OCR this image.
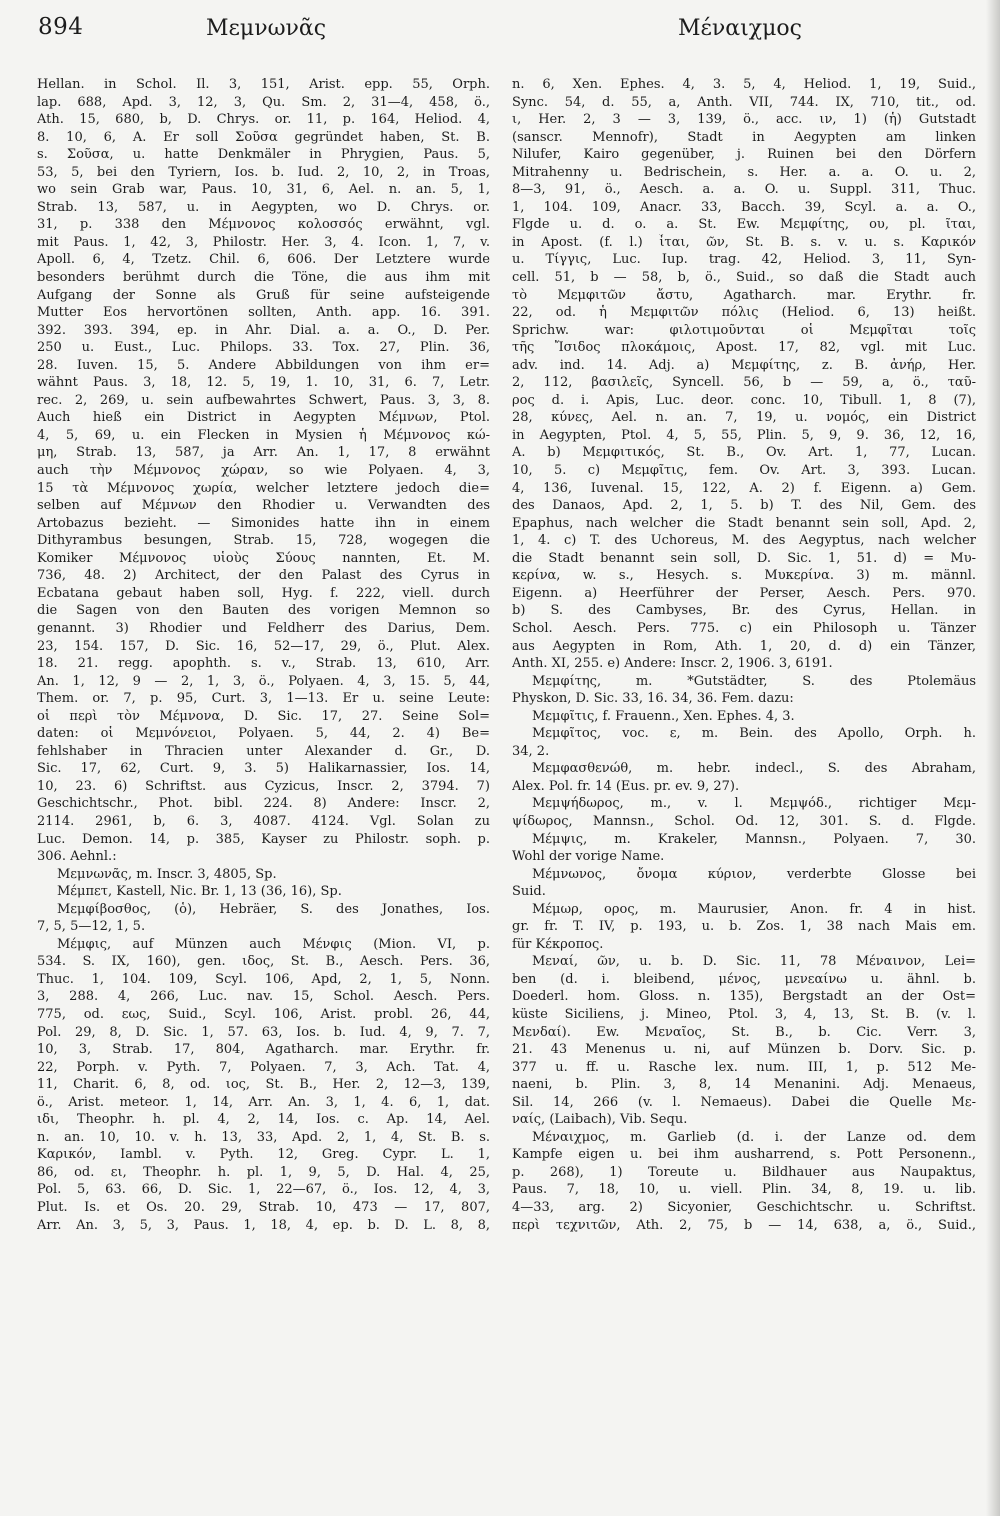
894	Μεμνωνᾶς	Μέναιχμος
Hellan. in Schol. Il. 3, 151, Arist. epp. 55, Orph.
lap. 688, Apd. 3, 12, 3, Qu. Sm. 2, 31—4, 458, ö.,
Ath. 15, 680, b, D. Chrys. or. 11, p. 164, Heliod. 4,
8. 10, 6, A. Er soll Σοῦσα gegründet haben, St. B.
s. Σοῦσα, u. hatte Denkmäler in Phrygien, Paus. 5,
53, 5, bei den Tyriern, Ios. b. Iud. 2, 10, 2, in Troas,
wo sein Grab war, Paus. 10, 31, 6, Ael. n. an. 5, 1,
Strab. 13, 587, u. in Aegypten, wo D. Chrys. or.
31, p. 338 den Μέμνονος κολοσσός erwähnt, vgl.
mit Paus. 1, 42, 3, Philostr. Her. 3, 4. Icon. 1, 7, v.
Apoll. 6, 4, Tzetz. Chil. 6, 606. Der Letztere wurde
besonders berühmt durch die Töne, die aus ihm mit
Aufgang der Sonne als Gruß für seine aufsteigende
Mutter Eos hervortönen sollten, Anth. app. 16. 391.
392. 393. 394, ep. in Ahr. Dial. a. a. O., D. Per.
250 u. Eust., Luc. Philops. 33. Tox. 27, Plin. 36,
28. Iuven. 15, 5. Andere Abbildungen von ihm er=
wähnt Paus. 3, 18, 12. 5, 19, 1. 10, 31, 6. 7, Letr.
rec. 2, 269, u. sein aufbewahrtes Schwert, Paus. 3, 3, 8.
Auch hieß ein District in Aegypten Μέμνων, Ptol.
4, 5, 69, u. ein Flecken in Mysien ἡ Μέμνονος κώ-
μη, Strab. 13, 587, ja Arr. An. 1, 17, 8 erwähnt
auch τὴν Μέμνονος χώραν, so wie Polyaen. 4, 3,
15 τὰ Μέμνονος χωρία, welcher letztere jedoch die=
selben auf Μέμνων den Rhodier u. Verwandten des
Artobazus bezieht. — Simonides hatte ihn in einem
Dithyrambus besungen, Strab. 15, 728, wogegen die
Komiker Μέμνονος υἱοὺς Σύους nannten, Et. M.
736, 48. 2) Architect, der den Palast des Cyrus in
Ecbatana gebaut haben soll, Hyg. f. 222, viell. durch
die Sagen von den Bauten des vorigen Memnon so
genannt. 3) Rhodier und Feldherr des Darius, Dem.
23, 154. 157, D. Sic. 16, 52—17, 29, ö., Plut. Alex.
18. 21. regg. apophth. s. v., Strab. 13, 610, Arr.
An. 1, 12, 9 — 2, 1, 3, ö., Polyaen. 4, 3, 15. 5, 44,
Them. or. 7, p. 95, Curt. 3, 1—13. Er u. seine Leute:
οἱ περὶ τὸν Μέμνονα, D. Sic. 17, 27. Seine Sol=
daten: οἱ Μεμνόνειοι, Polyaen. 5, 44, 2. 4) Be=
fehlshaber in Thracien unter Alexander d. Gr., D.
Sic. 17, 62, Curt. 9, 3. 5) Halikarnassier, Ios. 14,
10, 23. 6) Schriftst. aus Cyzicus, Inscr. 2, 3794. 7)
Geschichtschr., Phot. bibl. 224. 8) Andere: Inscr. 2,
2114. 2961, b, 6. 3, 4087. 4124. Vgl. Solan zu
Luc. Demon. 14, p. 385, Kayser zu Philostr. soph. p.
306. Aehnl.:
Μεμνωνᾶς, m. Inscr. 3, 4805, Sp.
Μέμπετ, Kastell, Nic. Br. 1, 13 (36, 16), Sp.
Μεμφίβοσθος, (ὁ), Hebräer, S. des Jonathes, Ios.
7, 5, 5—12, 1, 5.
Μέμφις, auf Münzen auch Μένφις (Mion. VI, p.
534. S. IX, 160), gen. ιδος, St. B., Aesch. Pers. 36,
Thuc. 1, 104. 109, Scyl. 106, Apd, 2, 1, 5, Nonn.
3, 288. 4, 266, Luc. nav. 15, Schol. Aesch. Pers.
775, od. εως, Suid., Scyl. 106, Arist. probl. 26, 44,
Pol. 29, 8, D. Sic. 1, 57. 63, Ios. b. Iud. 4, 9, 7. 7,
10, 3, Strab. 17, 804, Agatharch. mar. Erythr. fr.
22, Porph. v. Pyth. 7, Polyaen. 7, 3, Ach. Tat. 4,
11, Charit. 6, 8, od. ιος, St. B., Her. 2, 12—3, 139,
ö., Arist. meteor. 1, 14, Arr. An. 3, 1, 4. 6, 1, dat.
ιδι, Theophr. h. pl. 4, 2, 14, Ios. c. Ap. 14, Ael.
n. an. 10, 10. v. h. 13, 33, Apd. 2, 1, 4, St. B. s.
Καρικόν, Iambl. v. Pyth. 12, Greg. Cypr. L. 1,
86, od. ει, Theophr. h. pl. 1, 9, 5, D. Hal. 4, 25,
Pol. 5, 63. 66, D. Sic. 1, 22—67, ö., Ios. 12, 4, 3,
Plut. Is. et Os. 20. 29, Strab. 10, 473 — 17, 807,
Arr. An. 3, 5, 3, Paus. 1, 18, 4, ep. b. D. L. 8, 8,
n. 6, Xen. Ephes. 4, 3. 5, 4, Heliod. 1, 19, Suid.,
Sync. 54, d. 55, a, Anth. VII, 744. IX, 710, tit., od.
ι, Her. 2, 3 — 3, 139, ö., acc. ιν, 1) (ἡ) Gutstadt
(sanscr. Mennofr), Stadt in Aegypten am linken
Nilufer, Kairo gegenüber, j. Ruinen bei den Dörfern
Mitrahenny u. Bedrischein, s. Her. a. a. O. u. 2,
8—3, 91, ö., Aesch. a. a. O. u. Suppl. 311, Thuc.
1, 104. 109, Anacr. 33, Bacch. 39, Scyl. a. a. O.,
Flgde u. d. o. a. St. Ew. Μεμφίτης, ου, pl. ῖται,
in Apost. (f. l.) ἶται, ῶν, St. B. s. v. u. s. Καρικόν
u. Τίγγις, Luc. Iup. trag. 42, Heliod. 3, 11, Syn-
cell. 51, b — 58, b, ö., Suid., so daß die Stadt auch
τὸ Μεμφιτῶν ἄστυ, Agatharch. mar. Erythr. fr.
22, od. ἡ Μεμφιτῶν πόλις (Heliod. 6, 13) heißt.
Sprichw. war: φιλοτιμοῦνται οἱ Μεμφῖται τοῖς
τῆς Ἴσιδος πλοκάμοις, Apost. 17, 82, vgl. mit Luc.
adv. ind. 14. Adj. a) Μεμφίτης, z. B. ἀνήρ, Her.
2, 112, βασιλεῖς, Syncell. 56, b — 59, a, ö., ταῦ-
ρος d. i. Apis, Luc. deor. conc. 10, Tibull. 1, 8 (7),
28, κύνες, Ael. n. an. 7, 19, u. νομός, ein District
in Aegypten, Ptol. 4, 5, 55, Plin. 5, 9, 9. 36, 12, 16,
A. b) Μεμφιτικός, St. B., Ov. Art. 1, 77, Lucan.
10, 5. c) Μεμφῖτις, fem. Ov. Art. 3, 393. Lucan.
4, 136, Iuvenal. 15, 122, A. 2) f. Eigenn. a) Gem.
des Danaos, Apd. 2, 1, 5. b) T. des Nil, Gem. des
Epaphus, nach welcher die Stadt benannt sein soll, Apd. 2,
1, 4. c) T. des Uchoreus, M. des Aegyptus, nach welcher
die Stadt benannt sein soll, D. Sic. 1, 51. d) = Μυ-
κερίνα, w. s., Hesych. s. Μυκερίνα. 3) m. männl.
Eigenn. a) Heerführer der Perser, Aesch. Pers. 970.
b) S. des Cambyses, Br. des Cyrus, Hellan. in
Schol. Aesch. Pers. 775. c) ein Philosoph u. Tänzer
aus Aegypten in Rom, Ath. 1, 20, d. d) ein Tänzer,
Anth. XI, 255. e) Andere: Inscr. 2, 1906. 3, 6191.
Μεμφίτης, m. *Gutstädter, S. des Ptolemäus
Physkon, D. Sic. 33, 16. 34, 36. Fem. dazu:
Μεμφῖτις, f. Frauenn., Xen. Ephes. 4, 3.
Μεμφῖτος, voc. ε, m. Bein. des Apollo, Orph. h.
34, 2.
Μεμφασθενώθ, m. hebr. indecl., S. des Abraham,
Alex. Pol. fr. 14 (Eus. pr. ev. 9, 27).
Μεμψήδωρος, m., v. l. Μεμψόδ., richtiger Μεμ-
ψίδωρος, Mannsn., Schol. Od. 12, 301. S. d. Flgde.
Μέμψις, m. Krakeler, Mannsn., Polyaen. 7, 30.
Wohl der vorige Name.
Μέμνωνος, ὄνομα κύριον, verderbte Glosse bei
Suid.
Μέμωρ, ορος, m. Maurusier, Anon. fr. 4 in hist.
gr. fr. T. IV, p. 193, u. b. Zos. 1, 38 nach Mais em.
für Κέκροπος.
Μεναί, ῶν, u. b. D. Sic. 11, 78 Μέναινον, Lei=
ben (d. i. bleibend, μένος, μενεαίνω u. ähnl. b.
Doederl. hom. Gloss. n. 135), Bergstadt an der Ost=
küste Siciliens, j. Mineo, Ptol. 3, 4, 13, St. B. (v. l.
Μενδαί). Ew. Μεναῖος, St. B., b. Cic. Verr. 3,
21. 43 Menenus u. ni, auf Münzen b. Dorv. Sic. p.
377 u. ff. u. Rasche lex. num. III, 1, p. 512 Me-
naeni, b. Plin. 3, 8, 14 Menanini. Adj. Menaeus,
Sil. 14, 266 (v. l. Nemaeus). Dabei die Quelle Με-
ναίς, (Laibach), Vib. Sequ.
Μέναιχμος, m. Garlieb (d. i. der Lanze od. dem
Kampfe eigen u. bei ihm ausharrend, s. Pott Personenn.,
p. 268), 1) Toreute u. Bildhauer aus Naupaktus,
Paus. 7, 18, 10, u. viell. Plin. 34, 8, 19. u. lib.
4—33, arg. 2) Sicyonier, Geschichtschr. u. Schriftst.
περὶ τεχνιτῶν, Ath. 2, 75, b — 14, 638, a, ö., Suid.,
